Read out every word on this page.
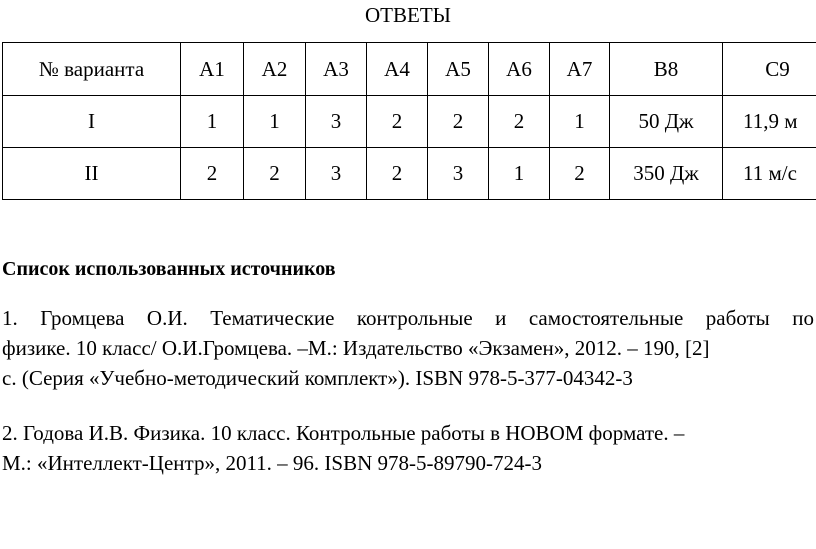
ОТВЕТЫ
№ варианта	А1	А2	А3	А4	А5	А6	А7	В8	С9
I	1	1	3	2	2	2	1	50 Дж	11,9 м
II	2	2	3	2	3	1	2	350 Дж	11 м/с
Список использованных источников

1. Громцева О.И. Тематические контрольные и самостоятельные работы по

физике. 10 класс/ О.И.Громцева. –М.: Издательство «Экзамен», 2012. – 190, [2]

с. (Серия «Учебно-методический комплект»). ISBN 978-5-377-04342-3

2. Годова И.В. Физика. 10 класс. Контрольные работы в НОВОМ формате. –

М.: «Интеллект-Центр», 2011. – 96. ISBN 978-5-89790-724-3
